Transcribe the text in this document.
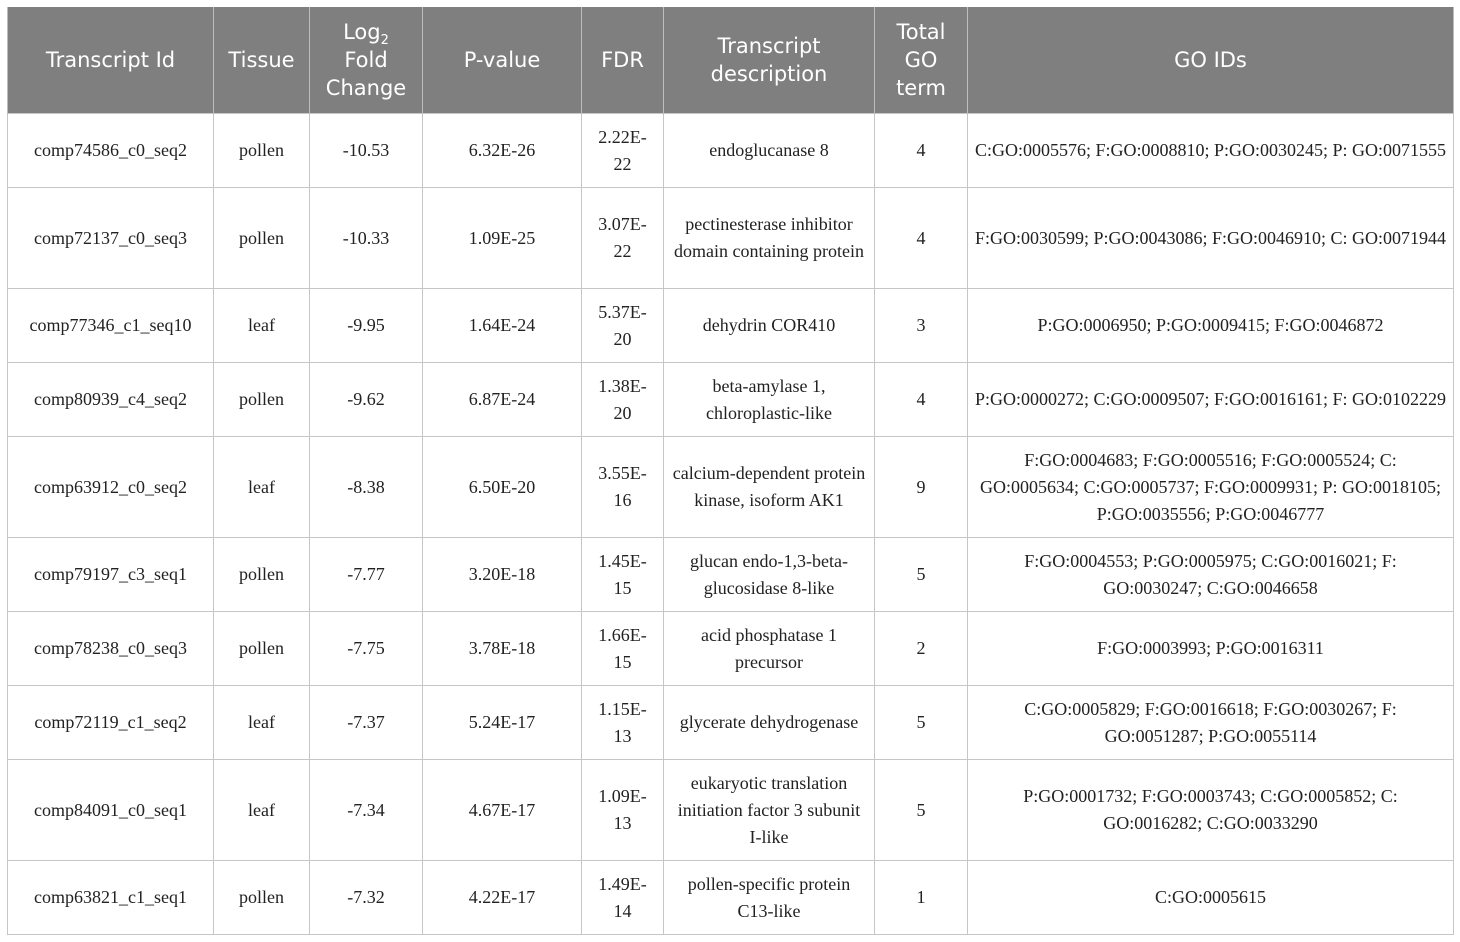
Transcript Id	Tissue	Log$_2$
Fold
Change	P-value	FDR	Transcript
description	Total
GO
term	GO IDs
comp74586_c0_seq2	pollen	-10.53	6.32E-26	2.22E-22	endoglucanase 8	4	C:GO:0005576; F:GO:0008810; P:GO:0030245; P: GO:0071555
comp72137_c0_seq3	pollen	-10.33	1.09E-25	3.07E-22	pectinesterase inhibitor domain containing protein	4	F:GO:0030599; P:GO:0043086; F:GO:0046910; C: GO:0071944
comp77346_c1_seq10	leaf	-9.95	1.64E-24	5.37E-20	dehydrin COR410	3	P:GO:0006950; P:GO:0009415; F:GO:0046872
comp80939_c4_seq2	pollen	-9.62	6.87E-24	1.38E-20	beta-amylase 1, chloroplastic-like	4	P:GO:0000272; C:GO:0009507; F:GO:0016161; F: GO:0102229
comp63912_c0_seq2	leaf	-8.38	6.50E-20	3.55E-16	calcium-dependent protein kinase, isoform AK1	9	F:GO:0004683; F:GO:0005516; F:GO:0005524; C: GO:0005634; C:GO:0005737; F:GO:0009931; P: GO:0018105; P:GO:0035556; P:GO:0046777
comp79197_c3_seq1	pollen	-7.77	3.20E-18	1.45E-15	glucan endo-1,3-beta-glucosidase 8-like	5	F:GO:0004553; P:GO:0005975; C:GO:0016021; F: GO:0030247; C:GO:0046658
comp78238_c0_seq3	pollen	-7.75	3.78E-18	1.66E-15	acid phosphatase 1 precursor	2	F:GO:0003993; P:GO:0016311
comp72119_c1_seq2	leaf	-7.37	5.24E-17	1.15E-13	glycerate dehydrogenase	5	C:GO:0005829; F:GO:0016618; F:GO:0030267; F: GO:0051287; P:GO:0055114
comp84091_c0_seq1	leaf	-7.34	4.67E-17	1.09E-13	eukaryotic translation initiation factor 3 subunit I-like	5	P:GO:0001732; F:GO:0003743; C:GO:0005852; C: GO:0016282; C:GO:0033290
comp63821_c1_seq1	pollen	-7.32	4.22E-17	1.49E-14	pollen-specific protein C13-like	1	C:GO:0005615
